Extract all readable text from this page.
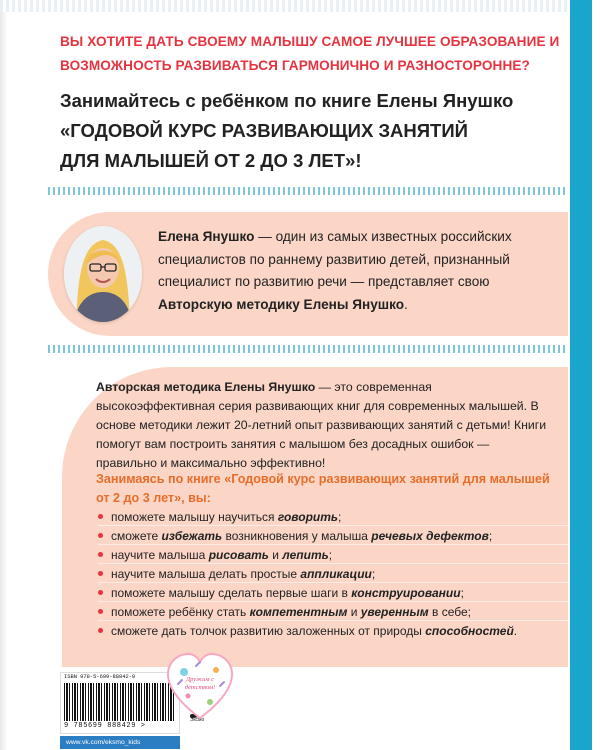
ВЫ ХОТИТЕ ДАТЬ СВОЕМУ МАЛЫШУ САМОЕ ЛУЧШЕЕ ОБРАЗОВАНИЕ И ВОЗМОЖНОСТЬ РАЗВИВАТЬСЯ ГАРМОНИЧНО И РАЗНОСТОРОННЕ?
Занимайтесь с ребёнком по книге Елены Янушко
«ГОДОВОЙ КУРС РАЗВИВАЮЩИХ ЗАНЯТИЙ
ДЛЯ МАЛЫШЕЙ ОТ 2 ДО 3 ЛЕТ»!
Елена Янушко — один из самых известных российских специалистов по раннему развитию детей, признанный специалист по развитию речи — представляет свою Авторскую методику Елены Янушко.
Авторская методика Елены Янушко — это современная высокоэффективная серия развивающих книг для современных малышей. В основе методики лежит 20-летний опыт развивающих занятий с детьми! Книги помогут вам построить занятия с малышом без досадных ошибок — правильно и максимально эффективно!
Занимаясь по книге «Годовой курс развивающих занятий для малышей от 2 до 3 лет», вы:
поможете малышу научиться говорить ;
сможете избежать возникновения у малыша речевых дефектов ;
научите малыша рисовать и лепить ;
научите малыша делать простые аппликации ;
поможете малышу сделать первые шаги в конструировании ;
поможете ребёнку стать компетентным и уверенным в себе;
сможете дать толчок развитию заложенных от природы способностей .
ISBN 978-5-699-88842-9
9 785699 888429 >
Эксмо
www.vk.com/eksmo_kids
Дружим с детством!
